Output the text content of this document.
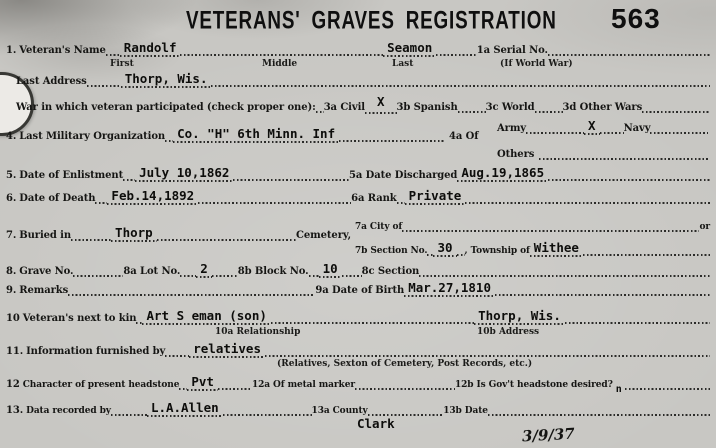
VETERANS' GRAVES REGISTRATION 563
1. Veteran's Name	Randolf	Seamon	1a Serial No.
First	Middle	Last	(If World War)
Last Address	Thorp, Wis.
War in which veteran participated (check proper one): 3a Civil X	3b Spanish	3c World	3d Other Wars
4. Last Military Organization Co. "H" 6th Minn. Inf	4a Of
Army	X	Navy
Others
5. Date of Enlistment	July 10,1862	5a Date Discharged Aug.19,1865
6. Date of Death	Feb.14,1892	6a Rank Private
7a City of	or
7. Buried in	Thorp	Cemetery,
7b Section No. 30	, Township of Withee
8. Grave No.	8a Lot No.	2	8b Block No.	10	8c Section
9. Remarks	9a Date of Birth Mar.27,1810
10 Veteran's next to kin Art S eman (son)	Thorp, Wis.
10a Relationship	10b Address
11. Information furnished by	relatives
(Relatives, Sexton of Cemetery, Post Records, etc.)
12 Character of present headstone Pvt	12a Of metal marker	12b Is Gov't headstone desired? n
13. Data recorded by	L.A.Allen	13a County	13b Date
Clark
3/9/37
